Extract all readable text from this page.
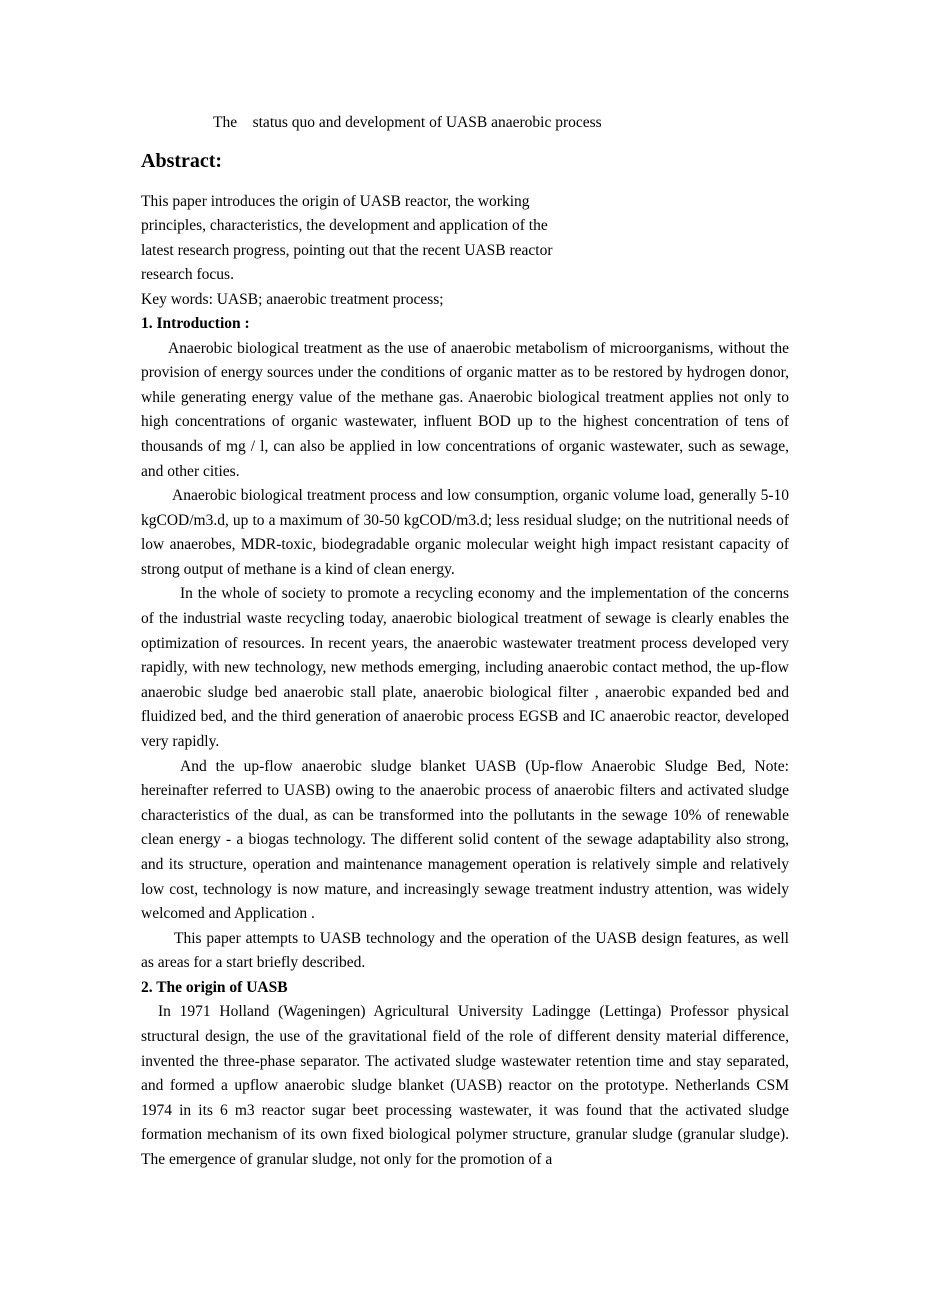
The    status quo and development of UASB anaerobic process
Abstract:
This paper introduces the origin of UASB reactor, the working
principles, characteristics, the development and application of the
latest research progress, pointing out that the recent UASB reactor
research focus.
Key words: UASB; anaerobic treatment process;
1. Introduction :

Anaerobic biological treatment as the use of anaerobic metabolism of microorganisms, without the provision of energy sources under the conditions of organic matter as to be restored by hydrogen donor, while generating energy value of the methane gas. Anaerobic biological treatment applies not only to high concentrations of organic wastewater, influent BOD up to the highest concentration of tens of thousands of mg / l, can also be applied in low concentrations of organic wastewater, such as sewage, and other cities.

Anaerobic biological treatment process and low consumption, organic volume load, generally 5-10 kgCOD/m3.d, up to a maximum of 30-50 kgCOD/m3.d; less residual sludge; on the nutritional needs of low anaerobes, MDR-toxic, biodegradable organic molecular weight high impact resistant capacity of strong output of methane is a kind of clean energy.

In the whole of society to promote a recycling economy and the implementation of the concerns of the industrial waste recycling today, anaerobic biological treatment of sewage is clearly enables the optimization of resources. In recent years, the anaerobic wastewater treatment process developed very rapidly, with new technology, new methods emerging, including anaerobic contact method, the up-flow anaerobic sludge bed anaerobic stall plate, anaerobic biological filter , anaerobic expanded bed and fluidized bed, and the third generation of anaerobic process EGSB and IC anaerobic reactor, developed very rapidly.

And the up-flow anaerobic sludge blanket UASB (Up-flow Anaerobic Sludge Bed, Note: hereinafter referred to UASB) owing to the anaerobic process of anaerobic filters and activated sludge characteristics of the dual, as can be transformed into the pollutants in the sewage 10% of renewable clean energy - a biogas technology. The different solid content of the sewage adaptability also strong, and its structure, operation and maintenance management operation is relatively simple and relatively low cost, technology is now mature, and increasingly sewage treatment industry attention, was widely welcomed and Application .

This paper attempts to UASB technology and the operation of the UASB design features, as well as areas for a start briefly described.

2. The origin of UASB

In 1971 Holland (Wageningen) Agricultural University Ladingge (Lettinga) Professor physical structural design, the use of the gravitational field of the role of different density material difference, invented the three-phase separator. The activated sludge wastewater retention time and stay separated, and formed a upflow anaerobic sludge blanket (UASB) reactor on the prototype. Netherlands CSM 1974 in its 6 m3 reactor sugar beet processing wastewater, it was found that the activated sludge formation mechanism of its own fixed biological polymer structure, granular sludge (granular sludge). The emergence of granular sludge, not only for the promotion of a
